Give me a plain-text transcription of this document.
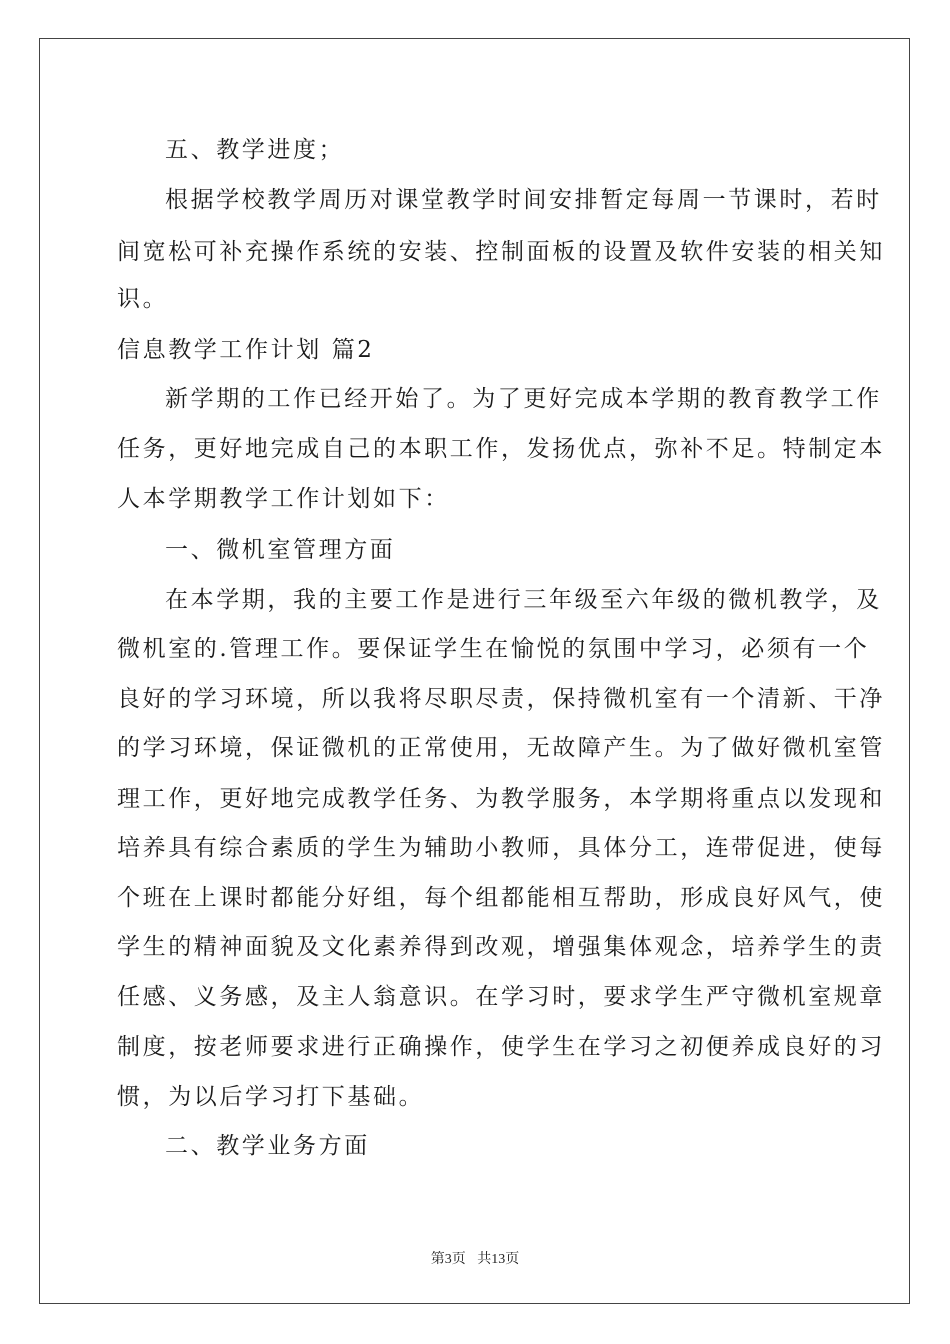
五、教学进度；
根据学校教学周历对课堂教学时间安排暂定每周一节课时，若时
间宽松可补充操作系统的安装、控制面板的设置及软件安装的相关知
识。
信息教学工作计划 篇2
新学期的工作已经开始了。为了更好完成本学期的教育教学工作
任务，更好地完成自己的本职工作，发扬优点，弥补不足。特制定本
人本学期教学工作计划如下：
一、微机室管理方面
在本学期，我的主要工作是进行三年级至六年级的微机教学，及
微机室的.管理工作。要保证学生在愉悦的氛围中学习，必须有一个
良好的学习环境，所以我将尽职尽责，保持微机室有一个清新、干净
的学习环境，保证微机的正常使用，无故障产生。为了做好微机室管
理工作，更好地完成教学任务、为教学服务，本学期将重点以发现和
培养具有综合素质的学生为辅助小教师，具体分工，连带促进，使每
个班在上课时都能分好组，每个组都能相互帮助，形成良好风气，使
学生的精神面貌及文化素养得到改观，增强集体观念，培养学生的责
任感、义务感，及主人翁意识。在学习时，要求学生严守微机室规章
制度，按老师要求进行正确操作，使学生在学习之初便养成良好的习
惯，为以后学习打下基础。
二、教学业务方面
第3页 共13页
